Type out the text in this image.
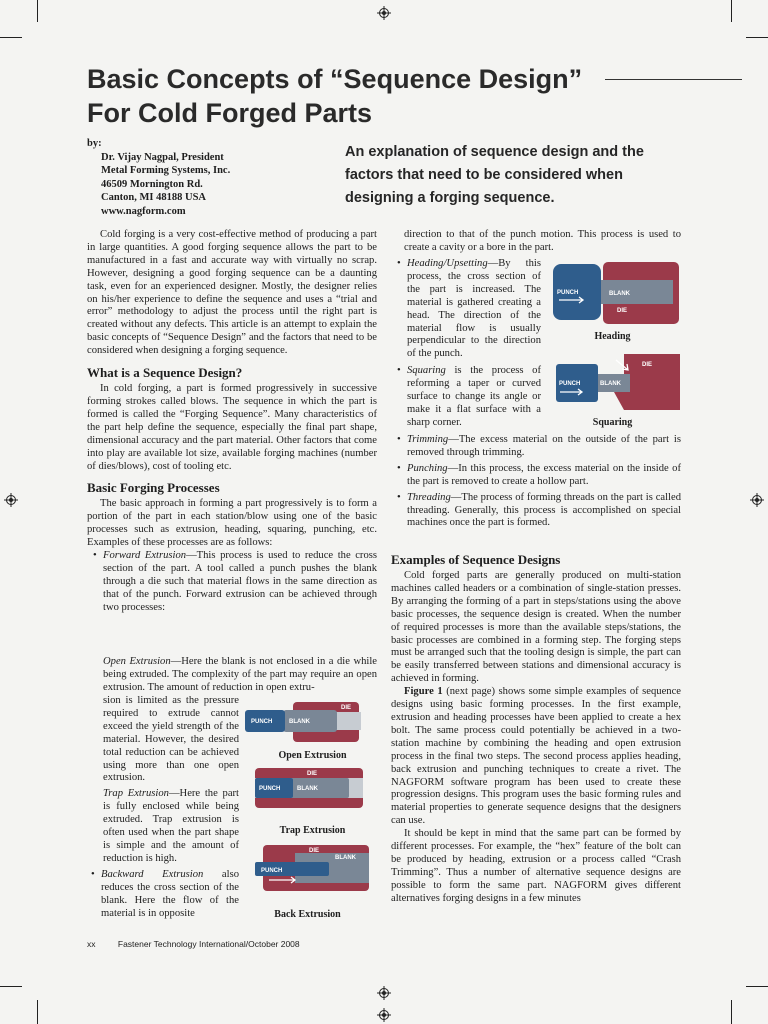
Basic Concepts of “Sequence Design”
For Cold Forged Parts
by:
Dr. Vijay Nagpal, President
Metal Forming Systems, Inc.
46509 Mornington Rd.
Canton, MI 48188 USA
www.nagform.com
An explanation of sequence design and the factors that need to be considered when designing a forging sequence.

Cold forging is a very cost-effective method of producing a part in large quantities. A good forging sequence allows the part to be manufactured in a fast and accurate way with virtually no scrap. However, designing a good forging sequence can be a daunting task, even for an experienced designer. Mostly, the designer relies on his/her experience to define the sequence and uses a “trial and error” methodology to adjust the process until the right part is created without any defects. This article is an attempt to explain the basic concepts of “Sequence Design” and the factors that need to be considered when designing a forging sequence.

What is a Sequence Design?

In cold forging, a part is formed progressively in successive forming strokes called blows. The sequence in which the part is formed is called the “Forging Sequence”. Many characteristics of the part help define the sequence, especially the final part shape, dimensional accuracy and the part material. Other factors that come into play are available lot size, available forging machines (number of dies/blows), cost of tooling etc.

Basic Forging Processes

The basic approach in forming a part progressively is to form a portion of the part in each station/blow using one of the basic processes such as extrusion, heading, squaring, punching, etc. Examples of these processes are as follows:

• Forward Extrusion—This process is used to reduce the cross section of the part. A tool called a punch pushes the blank through a die such that material flows in the same direction as that of the punch. Forward extrusion can be achieved through two processes:

Open Extrusion—Here the blank is not enclosed in a die while being extruded. The complexity of the part may require an open extrusion. The amount of reduction in open extru-

sion is limited as the pressure required to extrude cannot exceed the yield strength of the material. However, the desired total reduction can be achieved using more than one open extrusion.

Trap Extrusion—Here the part is fully enclosed while being extruded. Trap extrusion is often used when the part shape is simple and the amount of reduction is high.

• Backward Extrusion also reduces the cross section of the blank. Here the flow of the material is in opposite

PUNCH	BLANK
DIE
Open Extrusion
PUNCH	BLANK
DIE
Trap Extrusion
PUNCH
BLANK
DIE
Back Extrusion

direction to that of the punch motion. This process is used to create a cavity or a bore in the part.

• Heading/Upsetting—By this process, the cross section of the part is increased. The material is gathered creating a head. The direction of the material flow is usually perpendicular to the direction of the punch.

• Squaring is the process of reforming a taper or curved surface to change its angle or make it a flat surface with a sharp corner.

PUNCH	BLANK
DIE
Heading
PUNCH	BLANK
DIE
Squaring

• Trimming—The excess material on the outside of the part is removed through trimming.

• Punching—In this process, the excess material on the inside of the part is removed to create a hollow part.

• Threading—The process of forming threads on the part is called threading. Generally, this process is accomplished on special machines once the part is formed.

Examples of Sequence Designs

Cold forged parts are generally produced on multi-station machines called headers or a combination of single-station presses. By arranging the forming of a part in steps/stations using the above basic processes, the sequence design is created. When the number of required processes is more than the available steps/stations, the basic processes are combined in a forming step. The forging steps must be arranged such that the tooling design is simple, the part can be easily transferred between stations and dimensional accuracy is achieved in forming.

Figure 1 (next page) shows some simple examples of sequence designs using basic forming processes. In the first example, extrusion and heading processes have been applied to create a hex bolt. The same process could potentially be achieved in a two-station machine by combining the heading and open extrusion process in the final two steps. The second process applies heading, back extrusion and punching techniques to create a rivet. The NAGFORM software program has been used to create these progression designs. This program uses the basic forming rules and material properties to generate sequence designs that the designers can use.

It should be kept in mind that the same part can be formed by different processes. For example, the “hex” feature of the bolt can be produced by heading, extrusion or a process called “Crash Trimming”. Thus a number of alternative sequence designs are possible to form the same part. NAGFORM gives different alternatives forging designs in a few minutes

xx	Fastener Technology International/October 2008
